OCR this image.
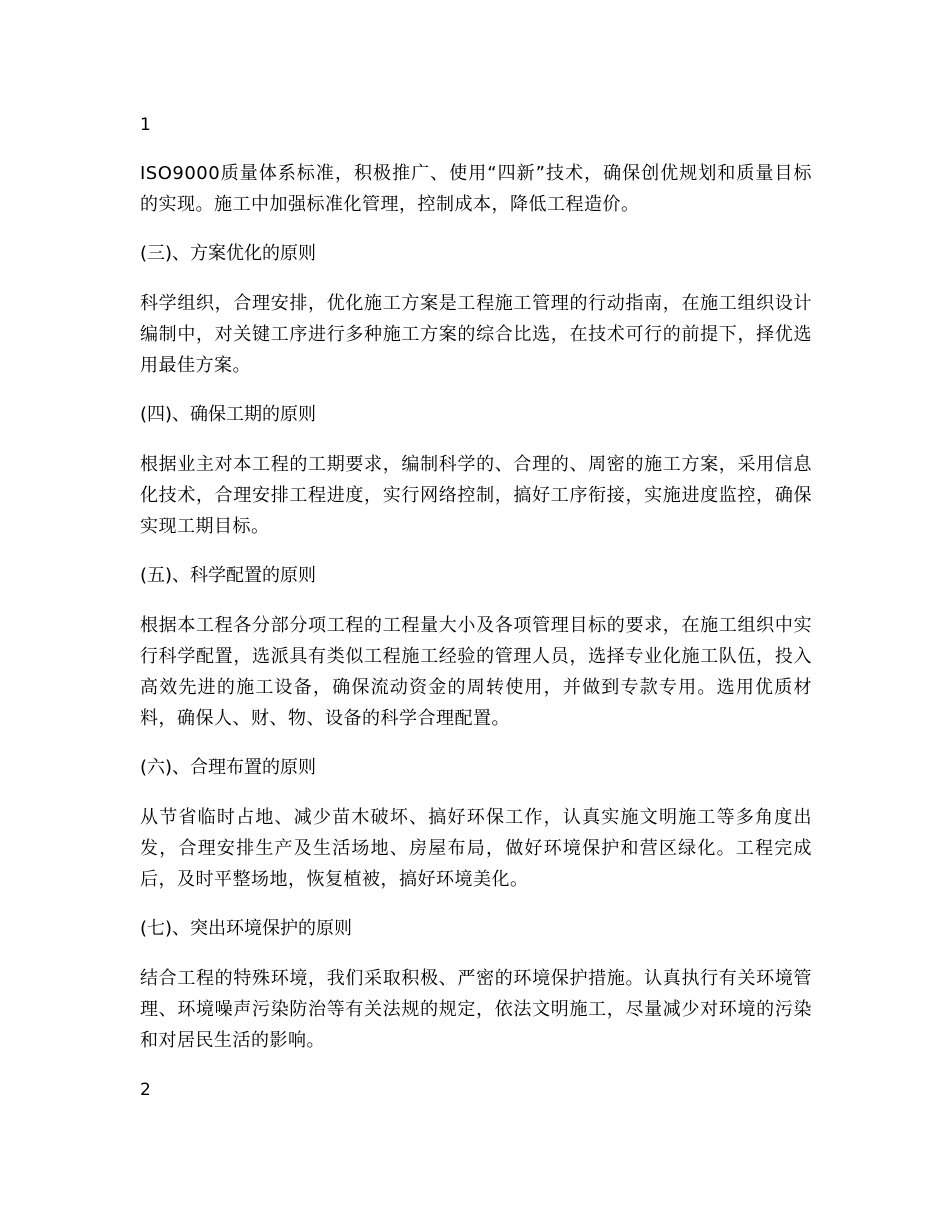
1
ISO9000质量体系标准，积极推广、使用“四新”技术，确保创优规划和质量目标的实现。施工中加强标准化管理，控制成本，降低工程造价。
(三)、方案优化的原则
科学组织，合理安排，优化施工方案是工程施工管理的行动指南，在施工组织设计编制中，对关键工序进行多种施工方案的综合比选，在技术可行的前提下，择优选用最佳方案。
(四)、确保工期的原则
根据业主对本工程的工期要求，编制科学的、合理的、周密的施工方案，采用信息化技术，合理安排工程进度，实行网络控制，搞好工序衔接，实施进度监控，确保实现工期目标。
(五)、科学配置的原则
根据本工程各分部分项工程的工程量大小及各项管理目标的要求，在施工组织中实行科学配置，选派具有类似工程施工经验的管理人员，选择专业化施工队伍，投入高效先进的施工设备，确保流动资金的周转使用，并做到专款专用。选用优质材料，确保人、财、物、设备的科学合理配置。
(六)、合理布置的原则
从节省临时占地、减少苗木破坏、搞好环保工作，认真实施文明施工等多角度出发，合理安排生产及生活场地、房屋布局，做好环境保护和营区绿化。工程完成后，及时平整场地，恢复植被，搞好环境美化。
(七)、突出环境保护的原则
结合工程的特殊环境，我们采取积极、严密的环境保护措施。认真执行有关环境管理、环境噪声污染防治等有关法规的规定，依法文明施工，尽量减少对环境的污染和对居民生活的影响。
2
